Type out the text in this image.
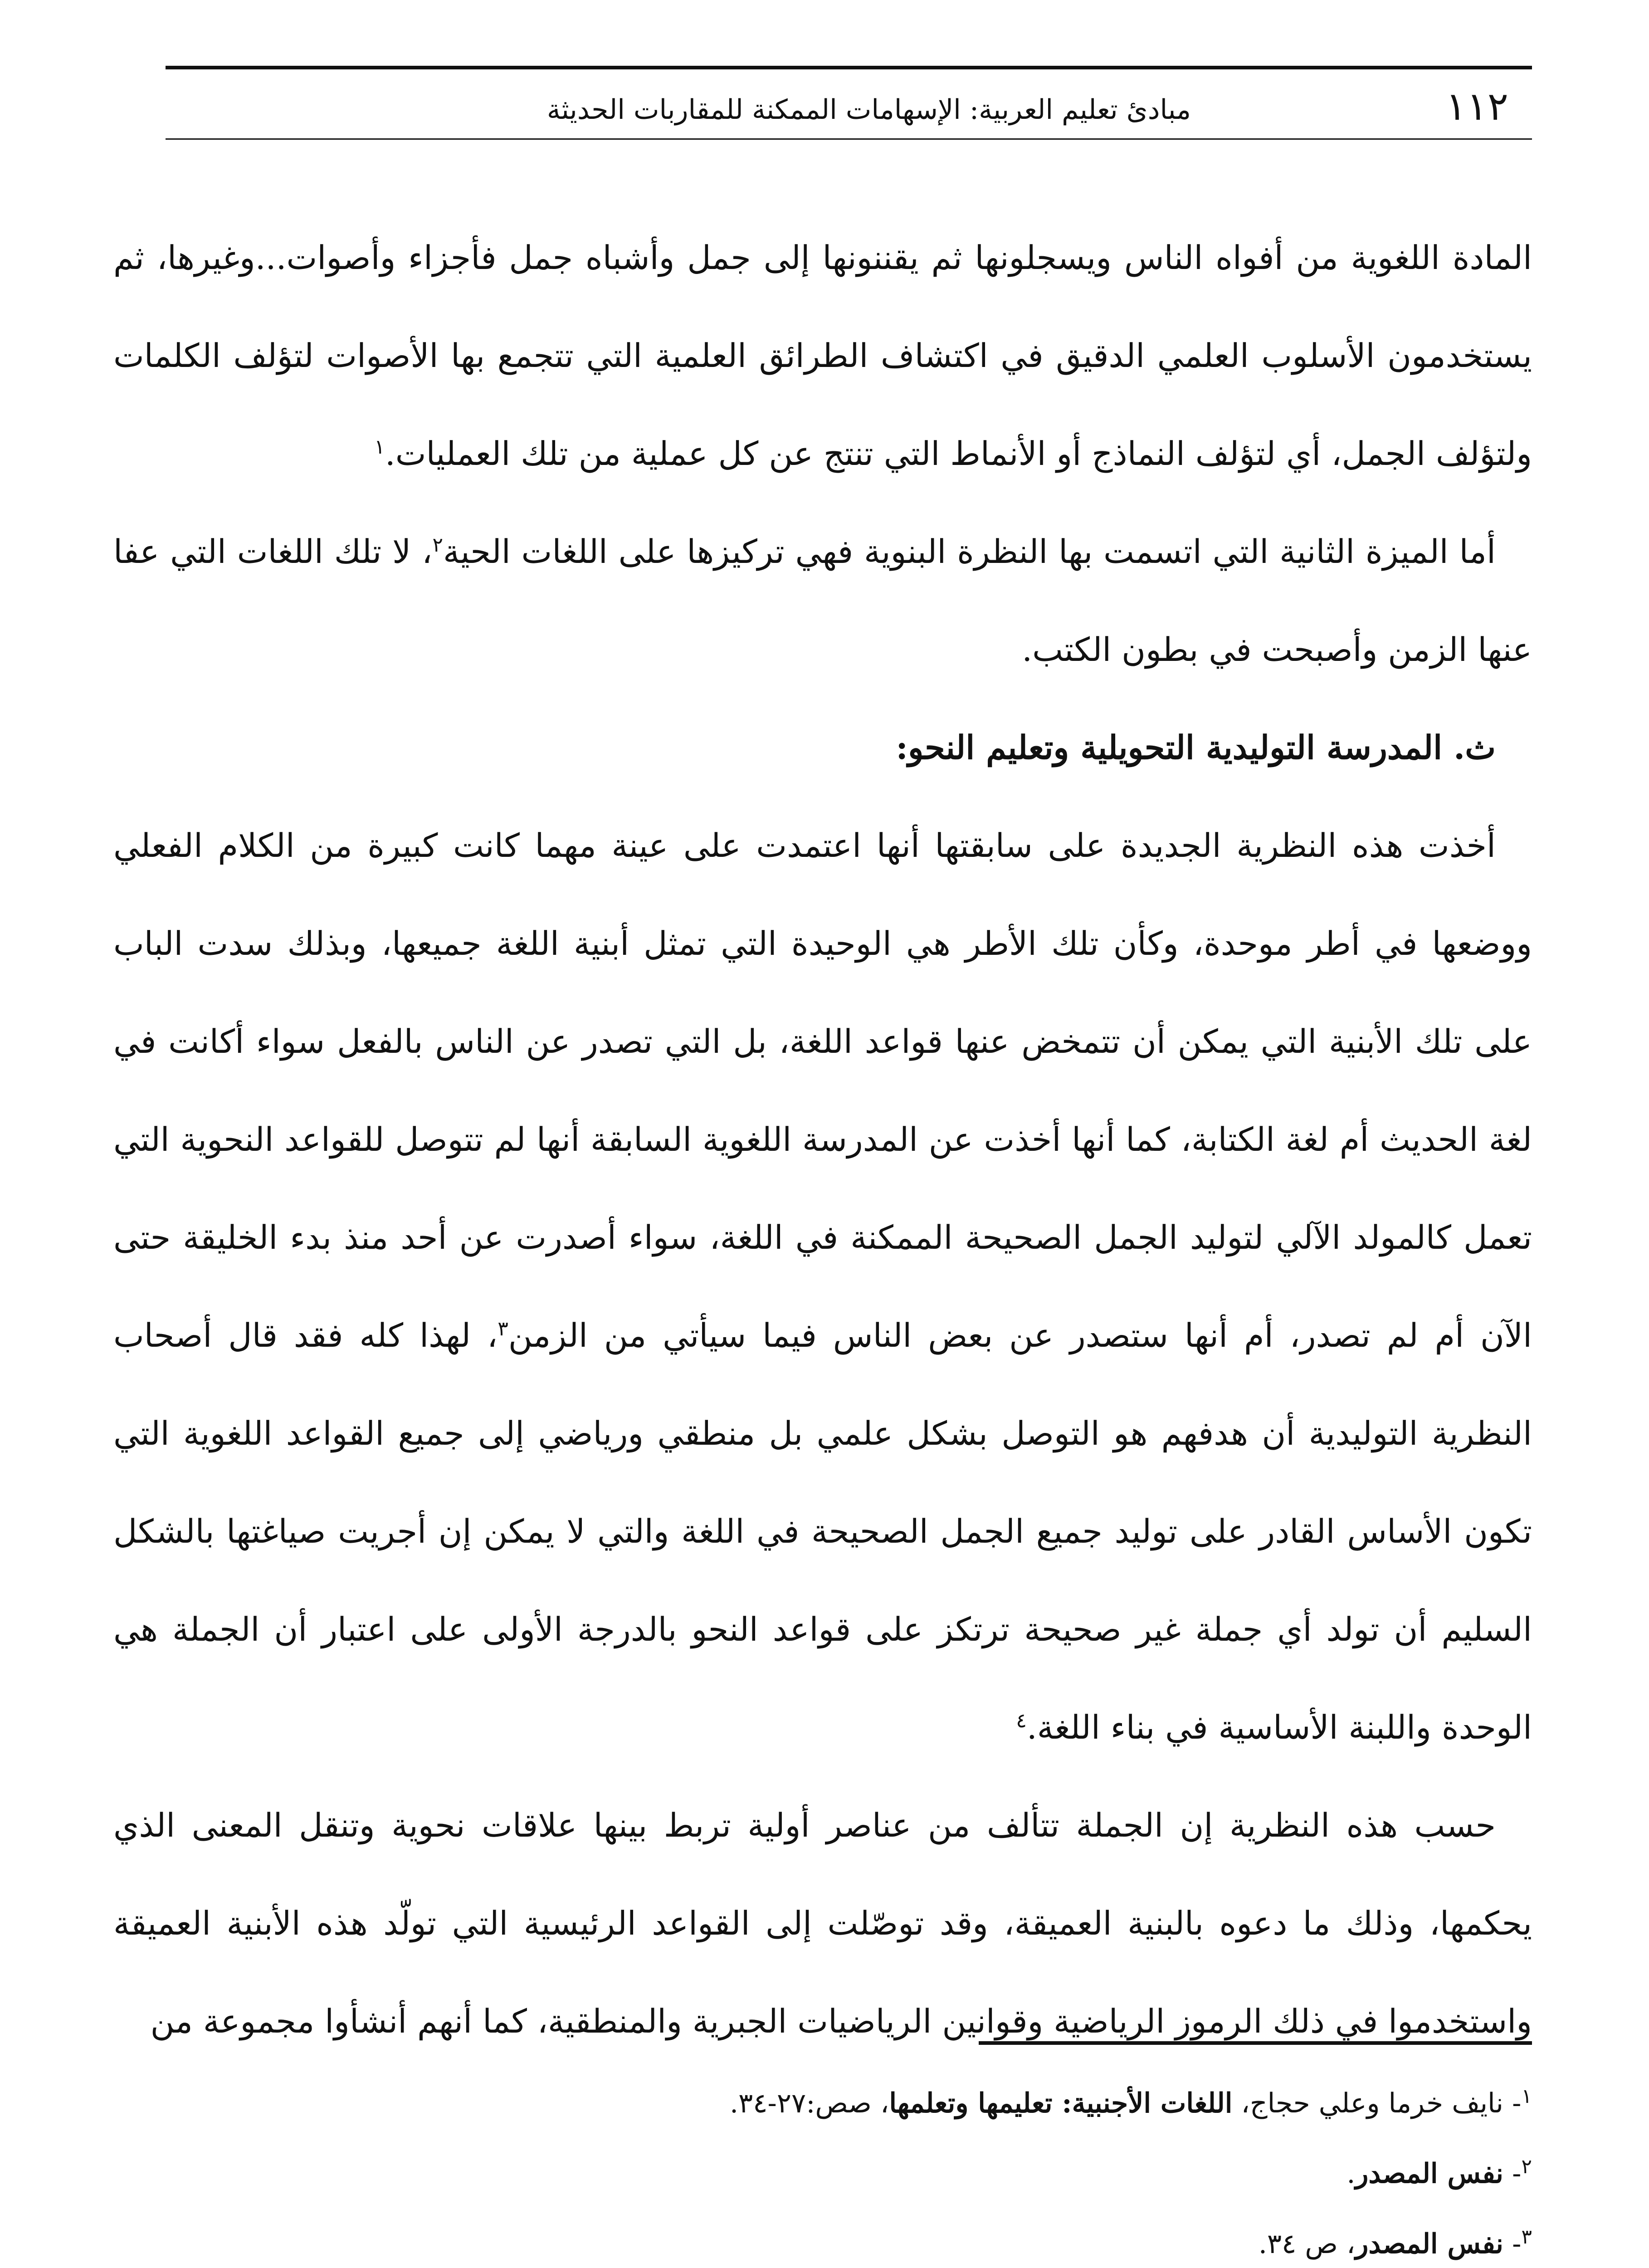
١١٢
مبادئ تعليم العربية: الإسهامات الممكنة للمقاربات الحديثة

المادة اللغوية من أفواه الناس ويسجلونها ثم يقننونها إلى جمل وأشباه جمل فأجزاء وأصوات...وغيرها، ثم يستخدمون الأسلوب العلمي الدقيق في اكتشاف الطرائق العلمية التي تتجمع بها الأصوات لتؤلف الكلمات ولتؤلف الجمل، أي لتؤلف النماذج أو الأنماط التي تنتج عن كل عملية من تلك العمليات.$^١$

أما الميزة الثانية التي اتسمت بها النظرة البنوية فهي تركيزها على اللغات الحية$^٢$، لا تلك اللغات التي عفا عنها الزمن وأصبحت في بطون الكتب.

ث. المدرسة التوليدية التحويلية وتعليم النحو:

أخذت هذه النظرية الجديدة على سابقتها أنها اعتمدت على عينة مهما كانت كبيرة من الكلام الفعلي ووضعها في أطر موحدة، وكأن تلك الأطر هي الوحيدة التي تمثل أبنية اللغة جميعها، وبذلك سدت الباب على تلك الأبنية التي يمكن أن تتمخض عنها قواعد اللغة، بل التي تصدر عن الناس بالفعل سواء أكانت في لغة الحديث أم لغة الكتابة، كما أنها أخذت عن المدرسة اللغوية السابقة أنها لم تتوصل للقواعد النحوية التي تعمل كالمولد الآلي لتوليد الجمل الصحيحة الممكنة في اللغة، سواء أصدرت عن أحد منذ بدء الخليقة حتى الآن أم لم تصدر، أم أنها ستصدر عن بعض الناس فيما سيأتي من الزمن$^٣$، لهذا كله فقد قال أصحاب النظرية التوليدية أن هدفهم هو التوصل بشكل علمي بل منطقي ورياضي إلى جميع القواعد اللغوية التي تكون الأساس القادر على توليد جميع الجمل الصحيحة في اللغة والتي لا يمكن إن أجريت صياغتها بالشكل السليم أن تولد أي جملة غير صحيحة ترتكز على قواعد النحو بالدرجة الأولى على اعتبار أن الجملة هي الوحدة واللبنة الأساسية في بناء اللغة.$^٤$

حسب هذه النظرية إن الجملة تتألف من عناصر أولية تربط بينها علاقات نحوية وتنقل المعنى الذي يحكمها، وذلك ما دعوه بالبنية العميقة، وقد توصّلت إلى القواعد الرئيسية التي تولّد هذه الأبنية العميقة واستخدموا في ذلك الرموز الرياضية وقوانين الرياضيات الجبرية والمنطقية، كما أنهم أنشأوا مجموعة من

$^١$- نايف خرما وعلي حجاج، اللغات الأجنبية: تعليمها وتعلمها، صص:٢٧-٣٤.

$^٢$- نفس المصدر.

$^٣$- نفس المصدر، ص ٣٤.
